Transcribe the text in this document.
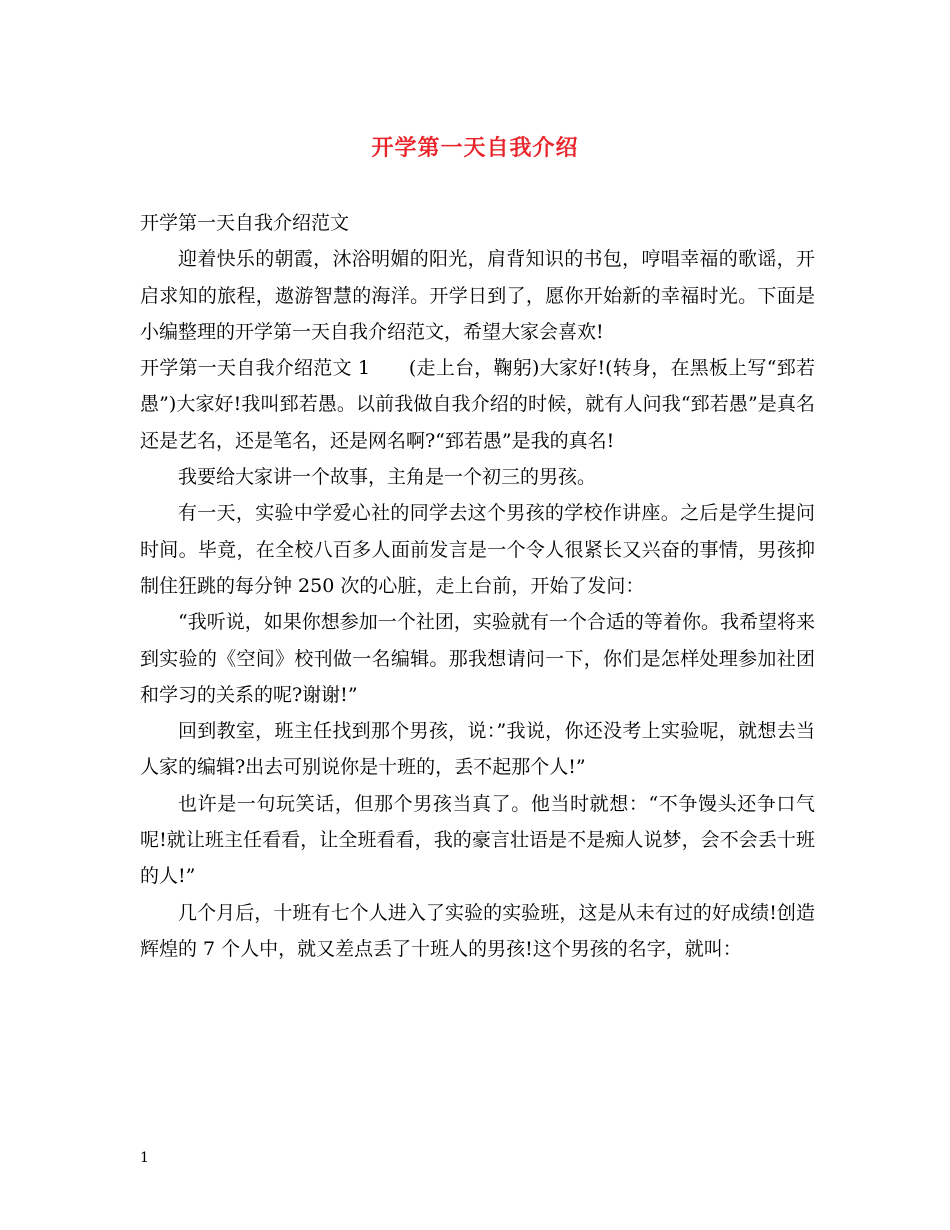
开学第一天自我介绍

开学第一天自我介绍范文

迎着快乐的朝霞，沐浴明媚的阳光，肩背知识的书包，哼唱幸福的歌谣，开启求知的旅程，遨游智慧的海洋。开学日到了，愿你开始新的幸福时光。下面是小编整理的开学第一天自我介绍范文，希望大家会喜欢!

开学第一天自我介绍范文 1　　(走上台，鞠躬)大家好!(转身，在黑板上写“郅若愚”)大家好!我叫郅若愚。以前我做自我介绍的时候，就有人问我“郅若愚”是真名还是艺名，还是笔名，还是网名啊?“郅若愚”是我的真名!

我要给大家讲一个故事，主角是一个初三的男孩。

有一天，实验中学爱心社的同学去这个男孩的学校作讲座。之后是学生提问时间。毕竟，在全校八百多人面前发言是一个令人很紧长又兴奋的事情，男孩抑制住狂跳的每分钟 250 次的心脏，走上台前，开始了发问：

“我听说，如果你想参加一个社团，实验就有一个合适的等着你。我希望将来到实验的《空间》校刊做一名编辑。那我想请问一下，你们是怎样处理参加社团和学习的关系的呢?谢谢!”

回到教室，班主任找到那个男孩，说：”我说，你还没考上实验呢，就想去当人家的编辑?出去可别说你是十班的，丢不起那个人!”

也许是一句玩笑话，但那个男孩当真了。他当时就想：“不争馒头还争口气呢!就让班主任看看，让全班看看，我的豪言壮语是不是痴人说梦，会不会丢十班的人!”

几个月后，十班有七个人进入了实验的实验班，这是从未有过的好成绩!创造辉煌的 7 个人中，就又差点丢了十班人的男孩!这个男孩的名字，就叫：

1
